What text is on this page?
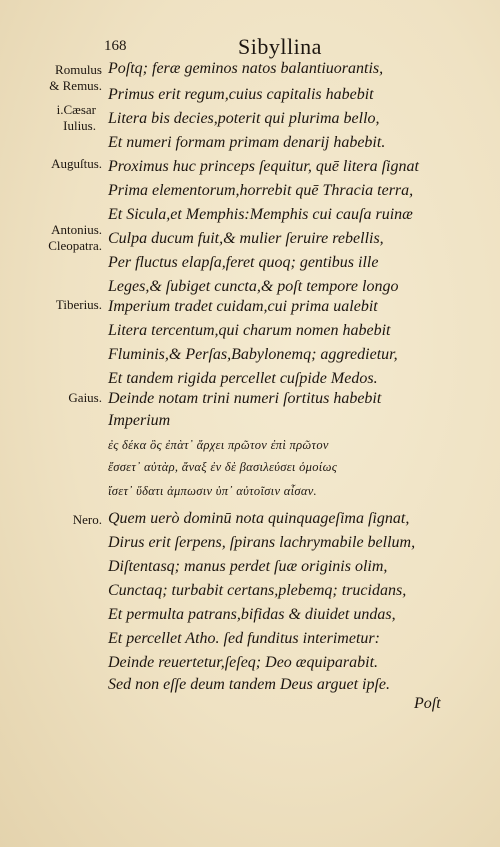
168	Sibyllina
Romulus
& Remus.
i.Cæsar
Iulius.
Auguſtus.
Antonius.
Cleopatra.
Tiberius.
Gaius.
Nero.
Poſtq; feræ geminos natos balantiuorantis,
Primus erit regum,cuius capitalis habebit
Litera bis decies,poterit qui plurima bello,
Et numeri formam primam denarij habebit.
Proximus huc princeps ſequitur, quē litera ſignat
Prima elementorum,horrebit quē Thracia terra,
Et Sicula,et Memphis:Memphis cui cauſa ruinæ
Culpa ducum fuit,& mulier ſeruire rebellis,
Per fluctus elapſa,feret quoq; gentibus ille
Leges,& ſubiget cuncta,& poſt tempore longo
Imperium tradet cuidam,cui prima ualebit
Litera tercentum,qui charum nomen habebit
Fluminis,& Perſas,Babylonemq; aggredietur,
Et tandem rigida percellet cuſpide Medos.
Deinde notam trini numeri ſortitus habebit
Imperium
ἐς δέκα ὃς ἐπὰτ᾽ ἄρχει πρῶτον ἐπὶ πρῶτον
ἔσσετ᾽ αὐτὰρ, ἄναξ ἐν δὲ βασιλεύσει ὁμοίως
ἴσετ᾽ ὕδατι ἀμπωσιν ὑπ᾽ αὐτοῖσιν αἶσαν.
Quem uerò dominū nota quinquageſima ſignat,
Dirus erit ſerpens, ſpirans lachrymabile bellum,
Diſtentasq; manus perdet ſuæ originis olim,
Cunctaq; turbabit certans,plebemq; trucidans,
Et permulta patrans,bifidas & diuidet undas,
Et percellet Atho. ſed funditus interimetur:
Deinde reuertetur,ſeſeq; Deo æquiparabit.
Sed non eſſe deum tandem Deus arguet ipſe.
Poſt
